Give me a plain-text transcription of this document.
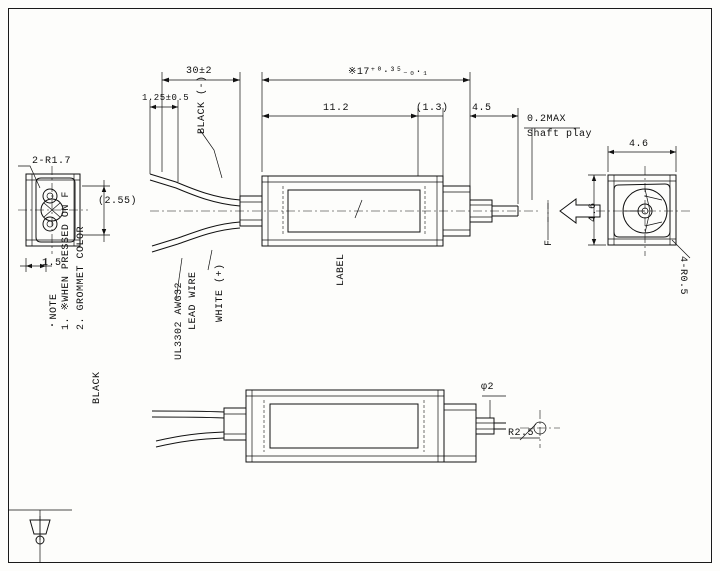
30±2
1.25±0.5
※17⁺⁰·³⁵₋₀·₁
11.2	(1.3) 4.5
0.2MAX
Shaft play
4.6
4.6
4-R0.5
2-R1.7
(2.55)
1.5
φ2
R2.5
BLACK (-)
WHITE (+)
LEAD WIRE
UL3302 AWG32
LABEL
F
・NOTE 1. ※WHEN PRESSED ON F 2. GROMMET COLOR
BLACK
